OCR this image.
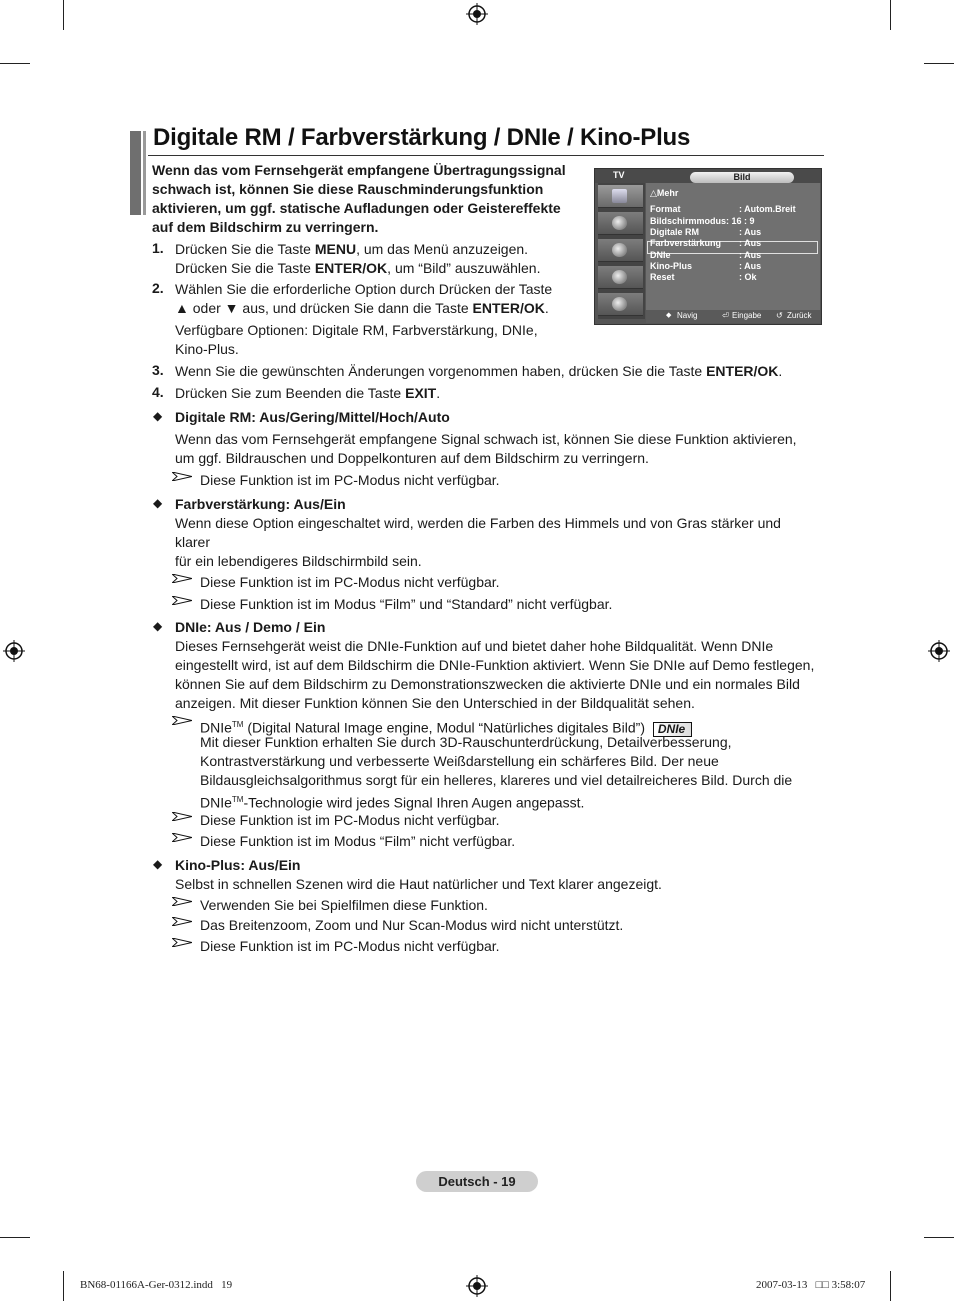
Digitale RM / Farbverstärkung / DNIe / Kino-Plus
Wenn das vom Fernsehgerät empfangene Übertragungssignal
schwach ist, können Sie diese Rauschminderungsfunktion
aktivieren, um ggf. statische Aufladungen oder Geistereffekte
auf dem Bildschirm zu verringern.
1. Drücken Sie die Taste MENU, um das Menü anzuzeigen.
Drücken Sie die Taste ENTER/OK, um “Bild” auszuwählen.
2. Wählen Sie die erforderliche Option durch Drücken der Taste
▲ oder ▼ aus, und drücken Sie dann die Taste ENTER/OK.
Verfügbare Optionen: Digitale RM, Farbverstärkung, DNIe,
Kino-Plus.
3. Wenn Sie die gewünschten Änderungen vorgenommen haben, drücken Sie die Taste ENTER/OK.
4. Drücken Sie zum Beenden die Taste EXIT.
◆ Digitale RM: Aus/Gering/Mittel/Hoch/Auto
Wenn das vom Fernsehgerät empfangene Signal schwach ist, können Sie diese Funktion aktivieren,
um ggf. Bildrauschen und Doppelkonturen auf dem Bildschirm zu verringern.
Diese Funktion ist im PC-Modus nicht verfügbar.
◆ Farbverstärkung: Aus/Ein
Wenn diese Option eingeschaltet wird, werden die Farben des Himmels und von Gras stärker und
klarer
für ein lebendigeres Bildschirmbild sein.
Diese Funktion ist im PC-Modus nicht verfügbar.
Diese Funktion ist im Modus “Film” und “Standard” nicht verfügbar.
◆ DNIe: Aus / Demo / Ein
Dieses Fernsehgerät weist die DNIe-Funktion auf und bietet daher hohe Bildqualität. Wenn DNIe
eingestellt wird, ist auf dem Bildschirm die DNIe-Funktion aktiviert. Wenn Sie DNIe auf Demo festlegen,
können Sie auf dem Bildschirm zu Demonstrationszwecken die aktivierte DNIe und ein normales Bild
anzeigen. Mit dieser Funktion können Sie den Unterschied in der Bildqualität sehen.
DNIe™ (Digital Natural Image engine, Modul “Natürliches digitales Bild”) DNIe
Mit dieser Funktion erhalten Sie durch 3D-Rauschunterdrückung, Detailverbesserung,
Kontrastverstärkung und verbesserte Weißdarstellung ein schärferes Bild. Der neue
Bildausgleichsalgorithmus sorgt für ein helleres, klareres und viel detailreicheres Bild. Durch die
DNIe™-Technologie wird jedes Signal Ihren Augen angepasst.
Diese Funktion ist im PC-Modus nicht verfügbar.
Diese Funktion ist im Modus “Film” nicht verfügbar.
◆ Kino-Plus: Aus/Ein
Selbst in schnellen Szenen wird die Haut natürlicher und Text klarer angezeigt.
Verwenden Sie bei Spielfilmen diese Funktion.
Das Breitenzoom, Zoom und Nur Scan-Modus wird nicht unterstützt.
Diese Funktion ist im PC-Modus nicht verfügbar.
TV	Bild
△Mehr
Format	: Autom.Breit
Bildschirmmodus: 16 : 9
Digitale RM	: Aus
Farbverstärkung : Aus
DNIe	: Aus
Kino-Plus	: Aus
Reset	: Ok
◆ Navig	⏎ Eingabe ↺ Zurück
Deutsch - 19
BN68-01166A-Ger-0312.indd   19	2007-03-13   □□ 3:58:07
